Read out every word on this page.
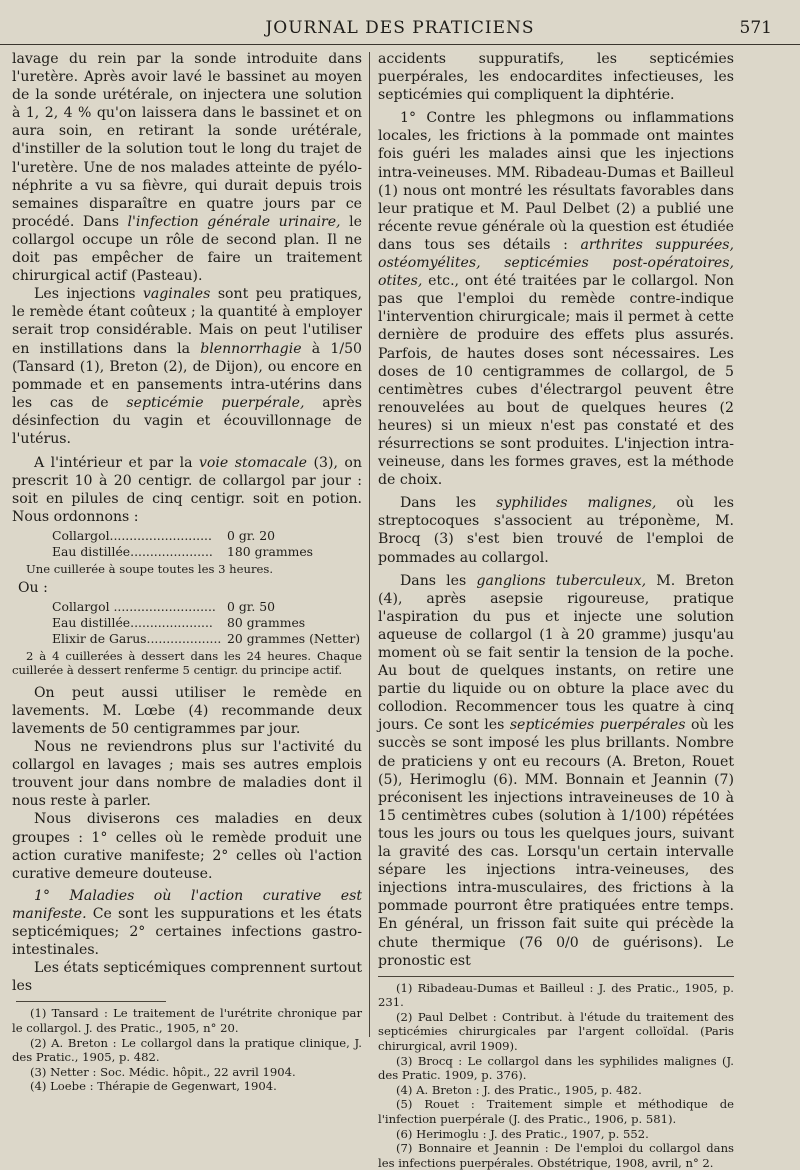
JOURNAL DES PRATICIENS	571

lavage du rein par la sonde introduite dans l'uretère. Après avoir lavé le bassinet au moyen de la sonde urétérale, on injectera une solution à 1, 2, 4 % qu'on laissera dans le bassinet et on aura soin, en retirant la sonde urétérale, d'instiller de la solution tout le long du trajet de l'uretère. Une de nos malades atteinte de pyélo-néphrite a vu sa fièvre, qui durait depuis trois semaines disparaître en quatre jours par ce procédé. Dans l'infection générale urinaire, le collargol occupe un rôle de second plan. Il ne doit pas empêcher de faire un traitement chirurgical actif (Pasteau).

Les injections vaginales sont peu pratiques, le remède étant coûteux ; la quantité à employer serait trop considérable. Mais on peut l'utiliser en instillations dans la blennorrhagie à 1/50 (Tansard (1), Breton (2), de Dijon), ou encore en pommade et en pansements intra-utérins dans les cas de septicémie puerpérale, après désinfection du vagin et écouvillonnage de l'utérus.

A l'intérieur et par la voie stomacale (3), on prescrit 10 à 20 centigr. de collargol par jour : soit en pilules de cinq centigr. soit en potion. Nous ordonnons :

Collargol..........................	0 gr. 20
Eau distillée.....................	180 grammes
Une cuillerée à soupe toutes les 3 heures.
Ou :
Collargol .......................... 0 gr. 50
Eau distillée.....................	80 grammes
Elixir de Garus................... 20 grammes (Netter)
2 à 4 cuillerées à dessert dans les 24 heures. Chaque cuillerée à dessert renferme 5 centigr. du principe actif.

On peut aussi utiliser le remède en lavements. M. Lœbe (4) recommande deux lavements de 50 centigrammes par jour.

Nous ne reviendrons plus sur l'activité du collargol en lavages ; mais ses autres emplois trouvent jour dans nombre de maladies dont il nous reste à parler.

Nous diviserons ces maladies en deux groupes : 1° celles où le remède produit une action curative manifeste; 2° celles où l'action curative demeure douteuse.

1° Maladies où l'action curative est manifeste. Ce sont les suppurations et les états septicémiques; 2° certaines infections gastro-intestinales.

Les états septicémiques comprennent surtout les

(1) Tansard : Le traitement de l'urétrite chronique par le collargol. J. des Pratic., 1905, n° 20.
(2) A. Breton : Le collargol dans la pratique clinique, J. des Pratic., 1905, p. 482.
(3) Netter : Soc. Médic. hôpit., 22 avril 1904.
(4) Loebe : Thérapie de Gegenwart, 1904.

accidents suppuratifs, les septicémies puerpérales, les endocardites infectieuses, les septicémies qui compliquent la diphtérie.

1° Contre les phlegmons ou inflammations locales, les frictions à la pommade ont maintes fois guéri les malades ainsi que les injections intra-veineuses. MM. Ribadeau-Dumas et Bailleul (1) nous ont montré les résultats favorables dans leur pratique et M. Paul Delbet (2) a publié une récente revue générale où la question est étudiée dans tous ses détails : arthrites suppurées, ostéomyélites, septicémies post-opératoires, otites, etc., ont été traitées par le collargol. Non pas que l'emploi du remède contre-indique l'intervention chirurgicale; mais il permet à cette dernière de produire des effets plus assurés. Parfois, de hautes doses sont nécessaires. Les doses de 10 centigrammes de collargol, de 5 centimètres cubes d'électrargol peuvent être renouvelées au bout de quelques heures (2 heures) si un mieux n'est pas constaté et des résurrections se sont produites. L'injection intra-veineuse, dans les formes graves, est la méthode de choix.

Dans les syphilides malignes, où les streptocoques s'associent au tréponème, M. Brocq (3) s'est bien trouvé de l'emploi de pommades au collargol.

Dans les ganglions tuberculeux, M. Breton (4), après asepsie rigoureuse, pratique l'aspiration du pus et injecte une solution aqueuse de collargol (1 à 20 gramme) jusqu'au moment où se fait sentir la tension de la poche. Au bout de quelques instants, on retire une partie du liquide ou on obture la place avec du collodion. Recommencer tous les quatre à cinq jours. Ce sont les septicémies puerpérales où les succès se sont imposé les plus brillants. Nombre de praticiens y ont eu recours (A. Breton, Rouet (5), Herimoglu (6). MM. Bonnain et Jeannin (7) préconisent les injections intraveineuses de 10 à 15 centimètres cubes (solution à 1/100) répétées tous les jours ou tous les quelques jours, suivant la gravité des cas. Lorsqu'un certain intervalle sépare les injections intra-veineuses, des injections intra-musculaires, des frictions à la pommade pourront être pratiquées entre temps. En général, un frisson fait suite qui précède la chute thermique (76 0/0 de guérisons). Le pronostic est

(1) Ribadeau-Dumas et Bailleul : J. des Pratic., 1905, p. 231.
(2) Paul Delbet : Contribut. à l'étude du traitement des septicémies chirurgicales par l'argent colloïdal. (Paris chirurgical, avril 1909).
(3) Brocq : Le collargol dans les syphilides malignes (J. des Pratic. 1909, p. 376).
(4) A. Breton : J. des Pratic., 1905, p. 482.
(5) Rouet : Traitement simple et méthodique de l'infection puerpérale (J. des Pratic., 1906, p. 581).
(6) Herimoglu : J. des Pratic., 1907, p. 552.
(7) Bonnaire et Jeannin : De l'emploi du collargol dans les infections puerpérales. Obstétrique, 1908, avril, n° 2.
